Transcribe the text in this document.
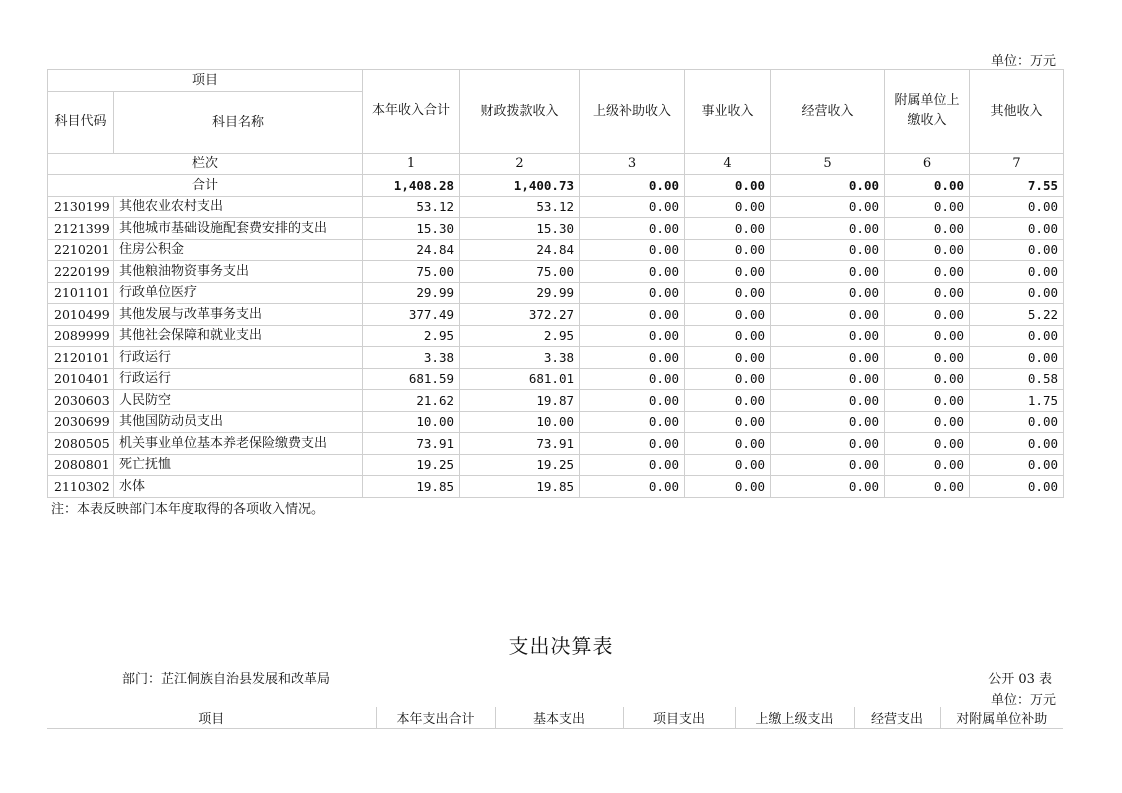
单位：万元
项目		本年收入合计	财政拨款收入	上级补助收入	事业收入	经营收入	附属单位上缴收入	其他收入
科目代码	科目名称							
栏次		1	2	3	4	5	6	7
合计		1,408.28	1,400.73	0.00	0.00	0.00	0.00	7.55
2130199	其他农业农村支出	53.12	53.12	0.00	0.00	0.00	0.00	0.00
2121399	其他城市基础设施配套费安排的支出	15.30	15.30	0.00	0.00	0.00	0.00	0.00
2210201	住房公积金	24.84	24.84	0.00	0.00	0.00	0.00	0.00
2220199	其他粮油物资事务支出	75.00	75.00	0.00	0.00	0.00	0.00	0.00
2101101	行政单位医疗	29.99	29.99	0.00	0.00	0.00	0.00	0.00
2010499	其他发展与改革事务支出	377.49	372.27	0.00	0.00	0.00	0.00	5.22
2089999	其他社会保障和就业支出	2.95	2.95	0.00	0.00	0.00	0.00	0.00
2120101	行政运行	3.38	3.38	0.00	0.00	0.00	0.00	0.00
2010401	行政运行	681.59	681.01	0.00	0.00	0.00	0.00	0.58
2030603	人民防空	21.62	19.87	0.00	0.00	0.00	0.00	1.75
2030699	其他国防动员支出	10.00	10.00	0.00	0.00	0.00	0.00	0.00
2080505	机关事业单位基本养老保险缴费支出	73.91	73.91	0.00	0.00	0.00	0.00	0.00
2080801	死亡抚恤	19.25	19.25	0.00	0.00	0.00	0.00	0.00
2110302	水体	19.85	19.85	0.00	0.00	0.00	0.00	0.00
注：本表反映部门本年度取得的各项收入情况。
支出决算表
部门：芷江侗族自治县发展和改革局	公开 03 表
单位：万元
项目	本年支出合计	基本支出	项目支出	上缴上级支出	经营支出	对附属单位补助
